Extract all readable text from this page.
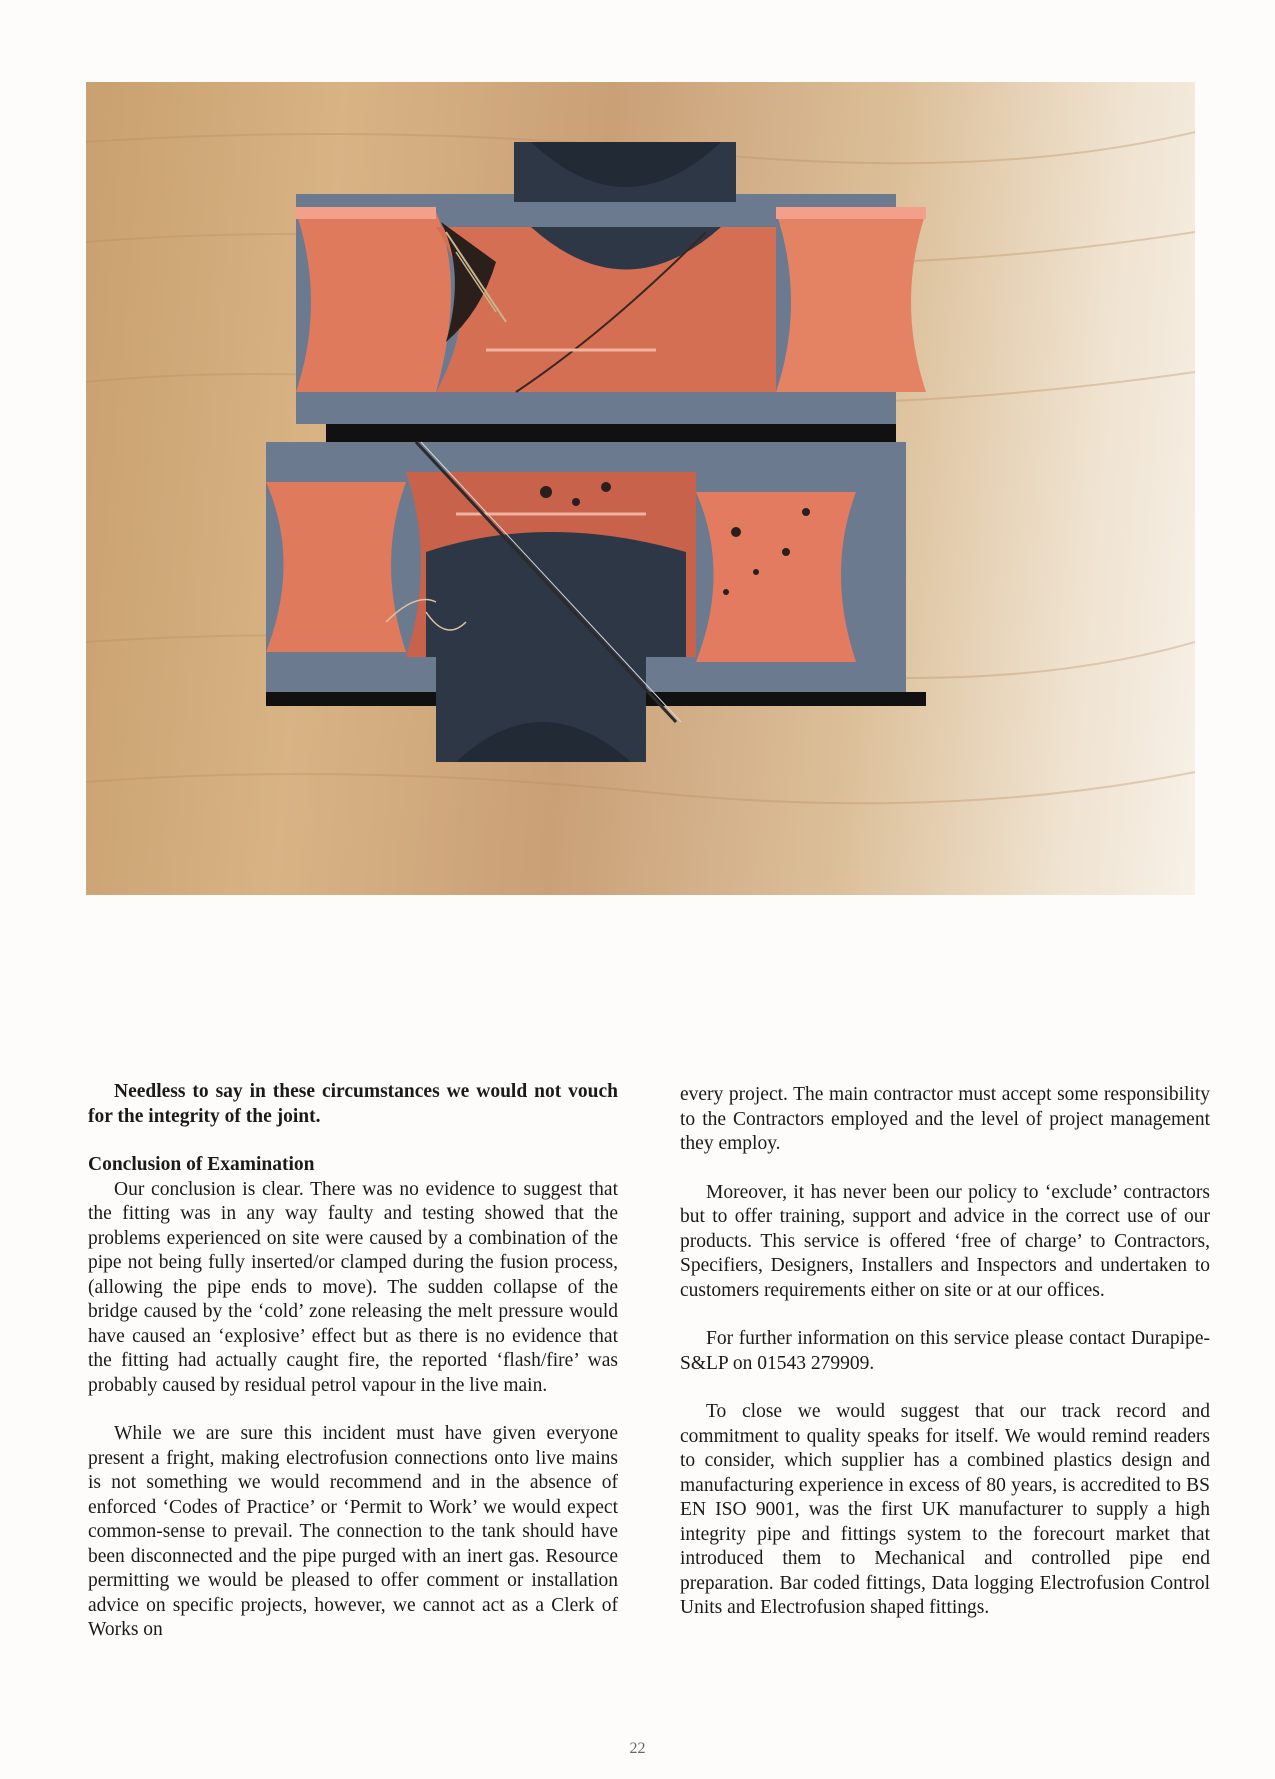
Needless to say in these circumstances we would not vouch for the integrity of the joint.

Conclusion of Examination

Our conclusion is clear. There was no evidence to suggest that the fitting was in any way faulty and testing showed that the problems experienced on site were caused by a combination of the pipe not being fully inserted/or clamped during the fusion process, (allowing the pipe ends to move). The sudden collapse of the bridge caused by the ‘cold’ zone releasing the melt pressure would have caused an ‘explosive’ effect but as there is no evidence that the fitting had actually caught fire, the reported ‘flash/fire’ was probably caused by residual petrol vapour in the live main.

While we are sure this incident must have given everyone present a fright, making electrofusion connections onto live mains is not something we would recommend and in the absence of enforced ‘Codes of Practice’ or ‘Permit to Work’ we would expect common-sense to prevail. The connection to the tank should have been disconnected and the pipe purged with an inert gas. Resource permitting we would be pleased to offer comment or installation advice on specific projects, however, we cannot act as a Clerk of Works on

every project. The main contractor must accept some responsibility to the Contractors employed and the level of project management they employ.

Moreover, it has never been our policy to ‘exclude’ contractors but to offer training, support and advice in the correct use of our products. This service is offered ‘free of charge’ to Contractors, Specifiers, Designers, Installers and Inspectors and undertaken to customers requirements either on site or at our offices.

For further information on this service please contact Durapipe-S&LP on 01543 279909.

To close we would suggest that our track record and commitment to quality speaks for itself. We would remind readers to consider, which supplier has a combined plastics design and manufacturing experience in excess of 80 years, is accredited to BS EN ISO 9001, was the first UK manufacturer to supply a high integrity pipe and fittings system to the forecourt market that introduced them to Mechanical and controlled pipe end preparation. Bar coded fittings, Data logging Electrofusion Control Units and Electrofusion shaped fittings.

22
